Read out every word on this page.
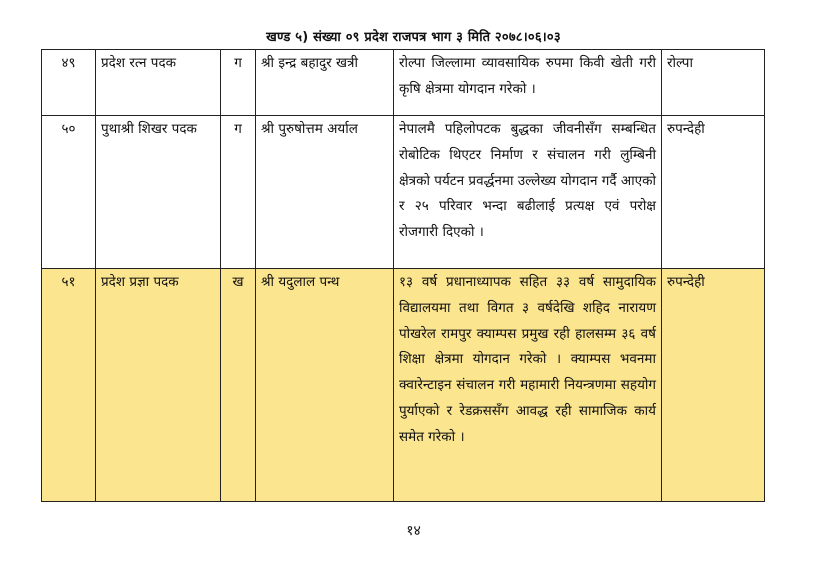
खण्ड ५) संख्या ०९ प्रदेश राजपत्र भाग ३ मिति २०७८।०६।०३
४९	प्रदेश रत्न पदक	ग	श्री इन्द्र बहादुर खत्री	रोल्पा जिल्लामा व्यावसायिक रुपमा किवी खेती गरी कृषि क्षेत्रमा योगदान गरेको ।	रोल्पा
५०	पुथाश्री शिखर पदक	ग	श्री पुरुषोत्तम अर्याल	नेपालमै पहिलोपटक बुद्धका जीवनीसँग सम्बन्धित रोबोटिक थिएटर निर्माण र संचालन गरी लुम्बिनी क्षेत्रको पर्यटन प्रवर्द्धनमा उल्लेख्य योगदान गर्दै आएको र २५ परिवार भन्दा बढीलाई प्रत्यक्ष एवं परोक्ष रोजगारी दिएको ।	रुपन्देही
५१	प्रदेश प्रज्ञा पदक	ख	श्री यदुलाल पन्थ	१३ वर्ष प्रधानाध्यापक सहित ३३ वर्ष सामुदायिक विद्यालयमा तथा विगत ३ वर्षदेखि शहिद नारायण पोखरेल रामपुर क्याम्पस प्रमुख रही हालसम्म ३६ वर्ष शिक्षा क्षेत्रमा योगदान गरेको । क्याम्पस भवनमा क्वारेन्टाइन संचालन गरी महामारी नियन्त्रणमा सहयोग पुर्याएको र रेडक्रससँग आवद्ध रही सामाजिक कार्य समेत गरेको ।	रुपन्देही
१४
